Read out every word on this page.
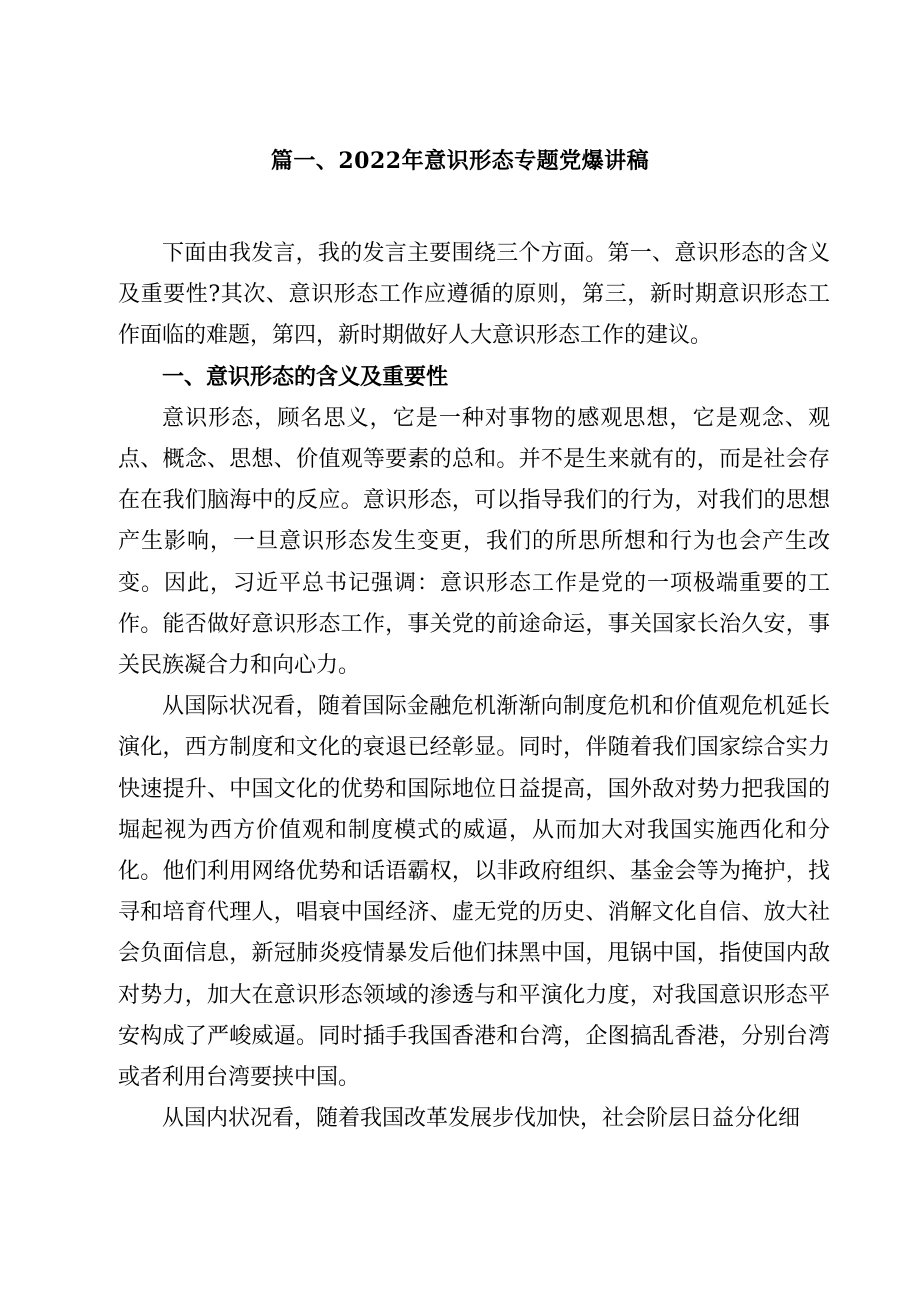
篇一、2022年意识形态专题党爆讲稿

下面由我发言，我的发言主要围绕三个方面。第一、意识形态的含义及重要性?其次、意识形态工作应遵循的原则，第三，新时期意识形态工作面临的难题，第四，新时期做好人大意识形态工作的建议。

一、意识形态的含义及重要性

意识形态，顾名思义，它是一种对事物的感观思想，它是观念、观点、概念、思想、价值观等要素的总和。并不是生来就有的，而是社会存在在我们脑海中的反应。意识形态，可以指导我们的行为，对我们的思想产生影响，一旦意识形态发生变更，我们的所思所想和行为也会产生改变。因此，习近平总书记强调：意识形态工作是党的一项极端重要的工作。能否做好意识形态工作，事关党的前途命运，事关国家长治久安，事关民族凝合力和向心力。

从国际状况看，随着国际金融危机渐渐向制度危机和价值观危机延长演化，西方制度和文化的衰退已经彰显。同时，伴随着我们国家综合实力快速提升、中国文化的优势和国际地位日益提高，国外敌对势力把我国的堀起视为西方价值观和制度模式的威逼，从而加大对我国实施西化和分化。他们利用网络优势和话语霸权，以非政府组织、基金会等为掩护，找寻和培育代理人，唱衰中国经济、虚无党的历史、消解文化自信、放大社会负面信息，新冠肺炎疫情暴发后他们抹黑中国，甩锅中国，指使国内敌对势力，加大在意识形态领域的渗透与和平演化力度，对我国意识形态平安构成了严峻威逼。同时插手我国香港和台湾，企图搞乱香港，分别台湾或者利用台湾要挟中国。

从国内状况看，随着我国改革发展步伐加快，社会阶层日益分化细
